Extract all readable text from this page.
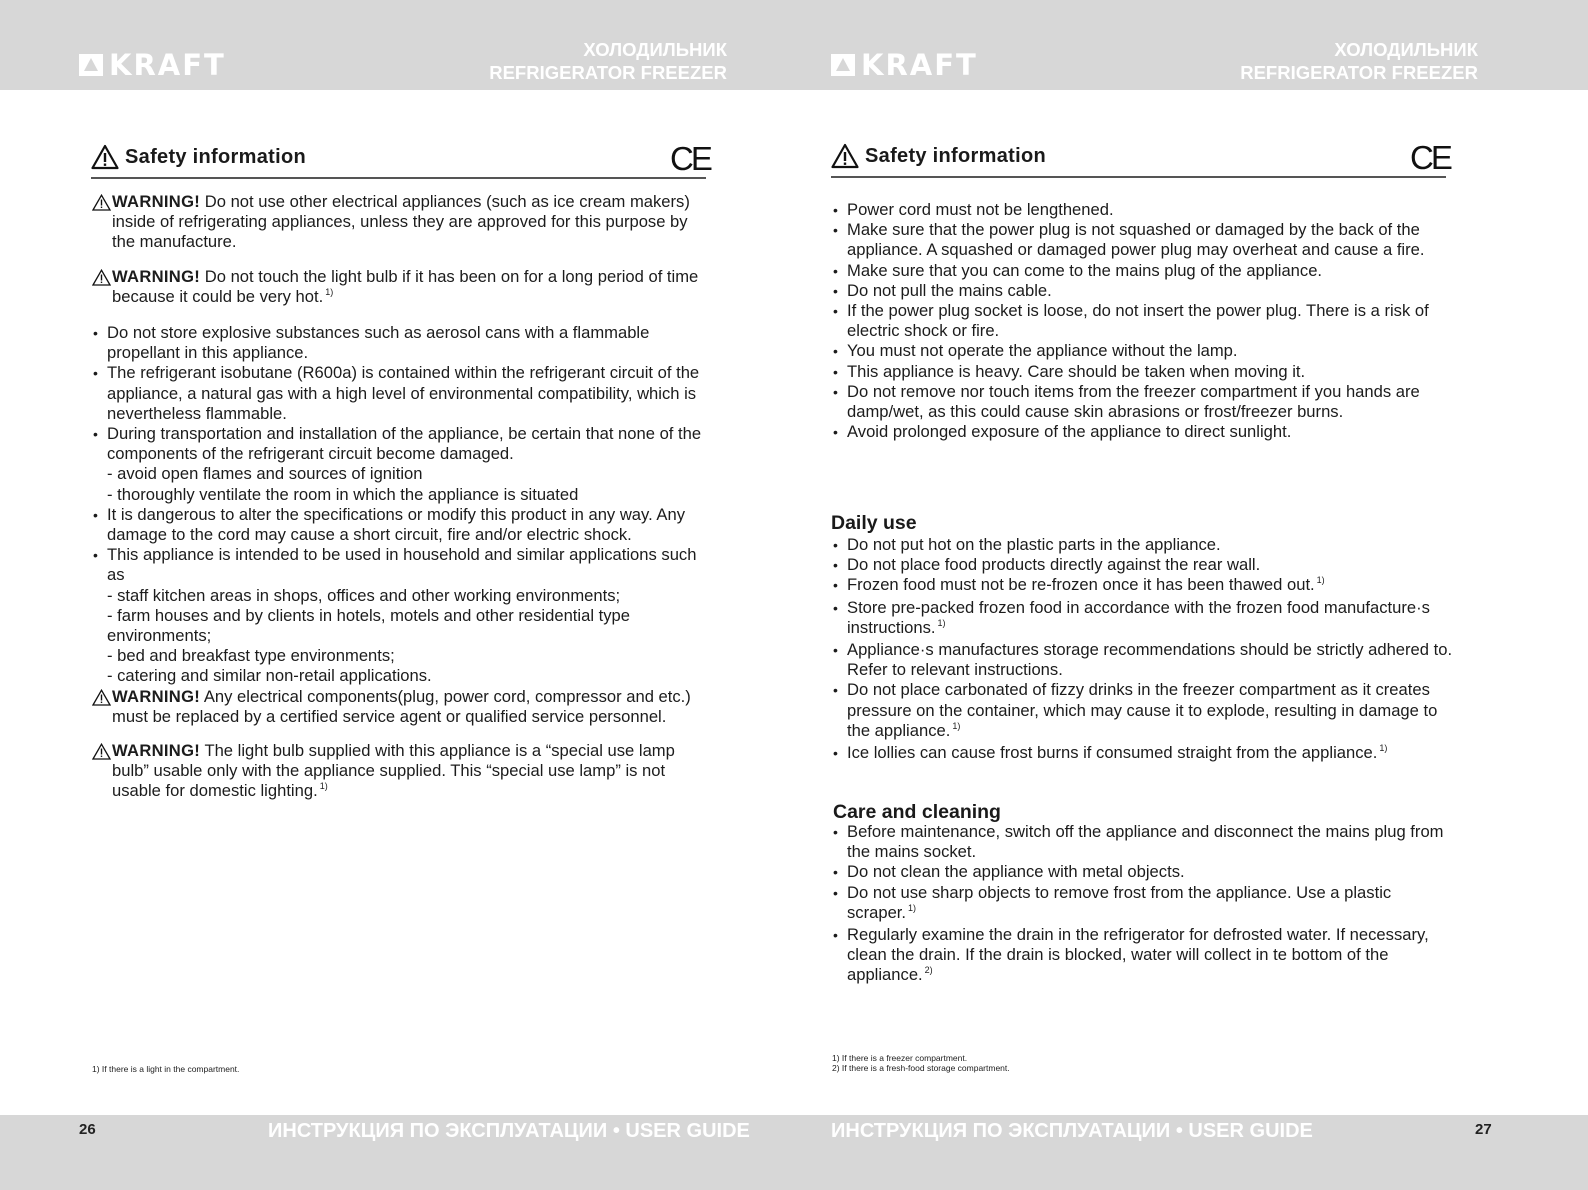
KRAFT	ХОЛОДИЛЬНИК
REFRIGERATOR FREEZER	KRAFT	ХОЛОДИЛЬНИК
REFRIGERATOR FREEZER
Safety information	CE	Safety information	CE
WARNING! Do not use other electrical appliances (such as ice cream makers) inside of refrigerating appliances, unless they are approved for this purpose by the manufacture.
WARNING! Do not touch the light bulb if it has been on for a long period of time because it could be very hot. $^{1)}$
• Do not store explosive substances such as aerosol cans with a flammable propellant in this appliance.
• The refrigerant isobutane (R600a) is contained within the refrigerant circuit of the appliance, a natural gas with a high level of environmental compatibility, which is nevertheless flammable.
• During transportation and installation of the appliance, be certain that none of the components of the refrigerant circuit become damaged.
- avoid open flames and sources of ignition
- thoroughly ventilate the room in which the appliance is situated
• It is dangerous to alter the specifications or modify this product in any way. Any damage to the cord may cause a short circuit, fire and/or electric shock.
• This appliance is intended to be used in household and similar applications such as
- staff kitchen areas in shops, offices and other working environments;
- farm houses and by clients in hotels, motels and other residential type environments;
- bed and breakfast type environments;
- catering and similar non-retail applications.
WARNING! Any electrical components(plug, power cord, compressor and etc.) must be replaced by a certified service agent or qualified service personnel.
WARNING! The light bulb supplied with this appliance is a “special use lamp bulb” usable only with the appliance supplied. This “special use lamp” is not usable for domestic lighting. $^{1)}$
1) If there is a light in the compartment.
• Power cord must not be lengthened.
• Make sure that the power plug is not squashed or damaged by the back of the appliance. A squashed or damaged power plug may overheat and cause a fire.
• Make sure that you can come to the mains plug of the appliance.
• Do not pull the mains cable.
• If the power plug socket is loose, do not insert the power plug. There is a risk of electric shock or fire.
• You must not operate the appliance without the lamp.
• This appliance is heavy. Care should be taken when moving it.
• Do not remove nor touch items from the freezer compartment if you hands are damp/wet, as this could cause skin abrasions or frost/freezer burns.
• Avoid prolonged exposure of the appliance to direct sunlight.
Daily use
• Do not put hot on the plastic parts in the appliance.
• Do not place food products directly against the rear wall.
• Frozen food must not be re-frozen once it has been thawed out. $^{1)}$
• Store pre-packed frozen food in accordance with the frozen food manufacture·s instructions. $^{1)}$
• Appliance·s manufactures storage recommendations should be strictly adhered to. Refer to relevant instructions.
• Do not place carbonated of fizzy drinks in the freezer compartment as it creates pressure on the container, which may cause it to explode, resulting in damage to the appliance. $^{1)}$
• Ice lollies can cause frost burns if consumed straight from the appliance. $^{1)}$
Care and cleaning
• Before maintenance, switch off the appliance and disconnect the mains plug from the mains socket.
• Do not clean the appliance with metal objects.
• Do not use sharp objects to remove frost from the appliance. Use a plastic scraper. $^{1)}$
• Regularly examine the drain in the refrigerator for defrosted water. If necessary, clean the drain. If the drain is blocked, water will collect in te bottom of the appliance. $^{2)}$
1) If there is a freezer compartment.
2) If there is a fresh-food storage compartment.
26	ИНСТРУКЦИЯ ПО ЭКСПЛУАТАЦИИ • USER GUIDE	ИНСТРУКЦИЯ ПО ЭКСПЛУАТАЦИИ • USER GUIDE	27
